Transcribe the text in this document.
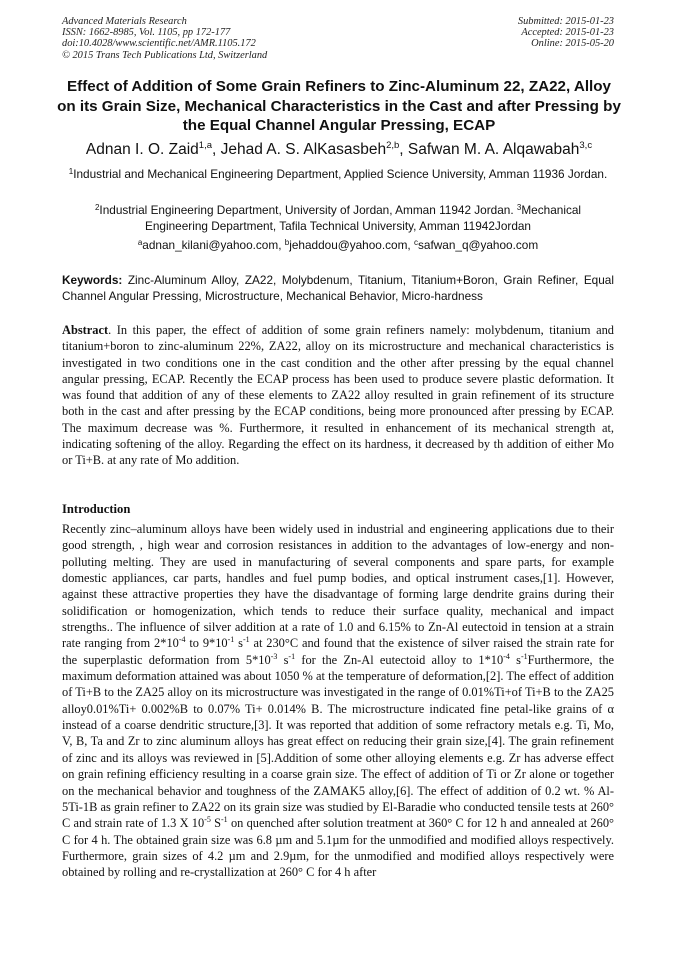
Advanced Materials Research
ISSN: 1662-8985, Vol. 1105, pp 172-177
doi:10.4028/www.scientific.net/AMR.1105.172
© 2015 Trans Tech Publications Ltd, Switzerland
Submitted: 2015-01-23
Accepted: 2015-01-23
Online: 2015-05-20
Effect of Addition of Some Grain Refiners to Zinc-Aluminum 22, ZA22, Alloy on its Grain Size, Mechanical Characteristics in the Cast and after Pressing by the Equal Channel Angular Pressing, ECAP
Adnan I. O. Zaid$^{1,a}$, Jehad A. S. AlKasasbeh$^{2,b}$, Safwan M. A. Alqawabah$^{3,c}$
$^1$Industrial and Mechanical Engineering Department, Applied Science University, Amman 11936 Jordan.
$^2$Industrial Engineering Department, University of Jordan, Amman 11942 Jordan. $^3$Mechanical Engineering Department, Tafila Technical University, Amman 11942Jordan
$^a$adnan_kilani@yahoo.com, $^b$jehaddou@yahoo.com, $^c$safwan_q@yahoo.com
Keywords: Zinc-Aluminum Alloy, ZA22, Molybdenum, Titanium, Titanium+Boron, Grain Refiner, Equal Channel Angular Pressing, Microstructure, Mechanical Behavior, Micro-hardness
Abstract. In this paper, the effect of addition of some grain refiners namely: molybdenum, titanium and titanium+boron to zinc-aluminum 22%, ZA22, alloy on its microstructure and mechanical characteristics is investigated in two conditions one in the cast condition and the other after pressing by the equal channel angular pressing, ECAP. Recently the ECAP process has been used to produce severe plastic deformation. It was found that addition of any of these elements to ZA22 alloy resulted in grain refinement of its structure both in the cast and after pressing by the ECAP conditions, being more pronounced after pressing by ECAP. The maximum decrease was %. Furthermore, it resulted in enhancement of its mechanical strength at, indicating softening of the alloy. Regarding the effect on its hardness, it decreased by th addition of either Mo or Ti+B. at any rate of Mo addition.
Introduction
Recently zinc–aluminum alloys have been widely used in industrial and engineering applications due to their good strength, , high wear and corrosion resistances in addition to the advantages of low-energy and non-polluting melting. They are used in manufacturing of several components and spare parts, for example domestic appliances, car parts, handles and fuel pump bodies, and optical instrument cases,[1]. However, against these attractive properties they have the disadvantage of forming large dendrite grains during their solidification or homogenization, which tends to reduce their surface quality, mechanical and impact strengths.. The influence of silver addition at a rate of 1.0 and 6.15% to Zn-Al eutectoid in tension at a strain rate ranging from $2*10^{-4}$ to $9*10^{-1}$ $s^{-1}$ at 230°C and found that the existence of silver raised the strain rate for the superplastic deformation from $5*10^{-3}$ $s^{-1}$ for the Zn-Al eutectoid alloy to $1*10^{-4}$ $s^{-1}Furthermore$, the maximum deformation attained was about 1050 % at the temperature of deformation,[2]. The effect of addition of Ti+B to the ZA25 alloy on its microstructure was investigated in the range of 0.01%Ti+of Ti+B to the ZA25 alloy0.01%Ti+ 0.002%B to 0.07% Ti+ 0.014% B. The microstructure indicated fine petal-like grains of α instead of a coarse dendritic structure,[3]. It was reported that addition of some refractory metals e.g. Ti, Mo, V, B, Ta and Zr to zinc aluminum alloys has great effect on reducing their grain size,[4]. The grain refinement of zinc and its alloys was reviewed in [5].Addition of some other alloying elements e.g. Zr has adverse effect on grain refining efficiency resulting in a coarse grain size. The effect of addition of Ti or Zr alone or together on the mechanical behavior and toughness of the ZAMAK5 alloy,[6]. The effect of addition of 0.2 wt. % Al-5Ti-1B as grain refiner to ZA22 on its grain size was studied by El-Baradie who conducted tensile tests at 260° C and strain rate of 1.3 X $10^{-5}$ $S^{-1}$ on quenched after solution treatment at 360° C for 12 h and annealed at 260° C for 4 h. The obtained grain size was 6.8 µm and 5.1µm for the unmodified and modified alloys respectively. Furthermore, grain sizes of 4.2 µm and 2.9µm, for the unmodified and modified alloys respectively were obtained by rolling and re-crystallization at 260° C for 4 h after
